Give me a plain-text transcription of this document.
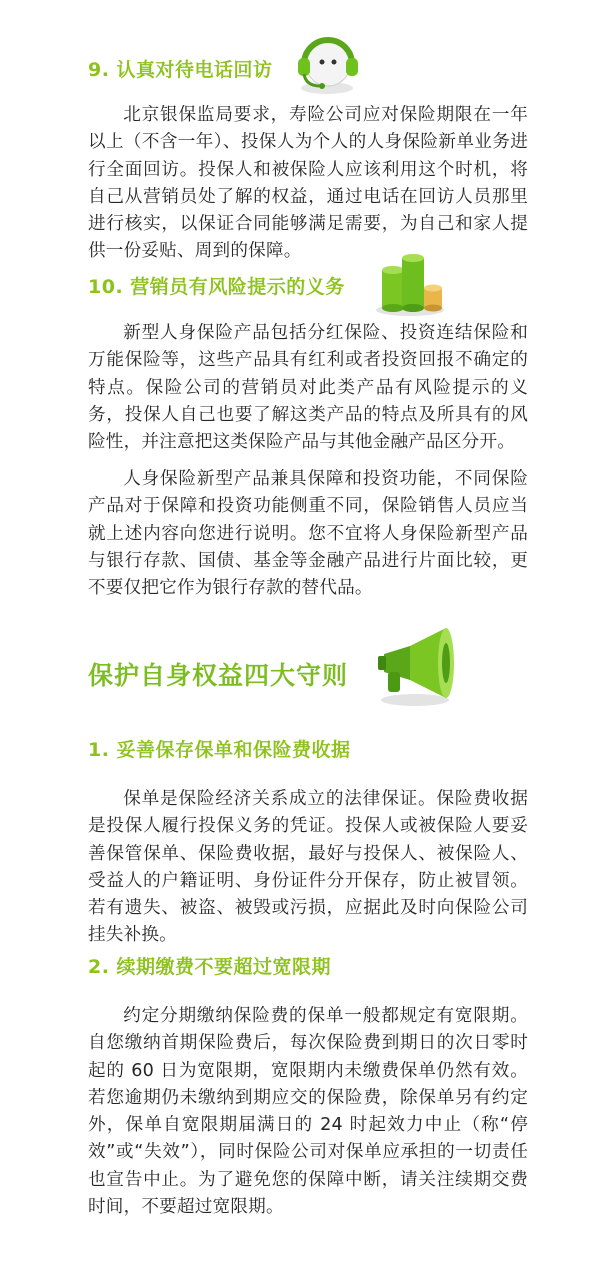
9. 认真对待电话回访
北京银保监局要求，寿险公司应对保险期限在一年以上（不含一年）、投保人为个人的人身保险新单业务进行全面回访。投保人和被保险人应该利用这个时机，将自己从营销员处了解的权益，通过电话在回访人员那里进行核实，以保证合同能够满足需要，为自己和家人提供一份妥贴、周到的保障。
10. 营销员有风险提示的义务
新型人身保险产品包括分红保险、投资连结保险和万能保险等，这些产品具有红利或者投资回报不确定的特点。保险公司的营销员对此类产品有风险提示的义务，投保人自己也要了解这类产品的特点及所具有的风险性，并注意把这类保险产品与其他金融产品区分开。
人身保险新型产品兼具保障和投资功能，不同保险产品对于保障和投资功能侧重不同，保险销售人员应当就上述内容向您进行说明。您不宜将人身保险新型产品与银行存款、国债、基金等金融产品进行片面比较，更不要仅把它作为银行存款的替代品。
保护自身权益四大守则
1. 妥善保存保单和保险费收据
保单是保险经济关系成立的法律保证。保险费收据是投保人履行投保义务的凭证。投保人或被保险人要妥善保管保单、保险费收据，最好与投保人、被保险人、受益人的户籍证明、身份证件分开保存，防止被冒领。若有遗失、被盗、被毁或污损，应据此及时向保险公司挂失补换。
2. 续期缴费不要超过宽限期
约定分期缴纳保险费的保单一般都规定有宽限期。自您缴纳首期保险费后，每次保险费到期日的次日零时起的 60 日为宽限期，宽限期内未缴费保单仍然有效。若您逾期仍未缴纳到期应交的保险费，除保单另有约定外，保单自宽限期届满日的 24 时起效力中止（称“停效”或“失效”），同时保险公司对保单应承担的一切责任也宣告中止。为了避免您的保障中断，请关注续期交费时间，不要超过宽限期。
